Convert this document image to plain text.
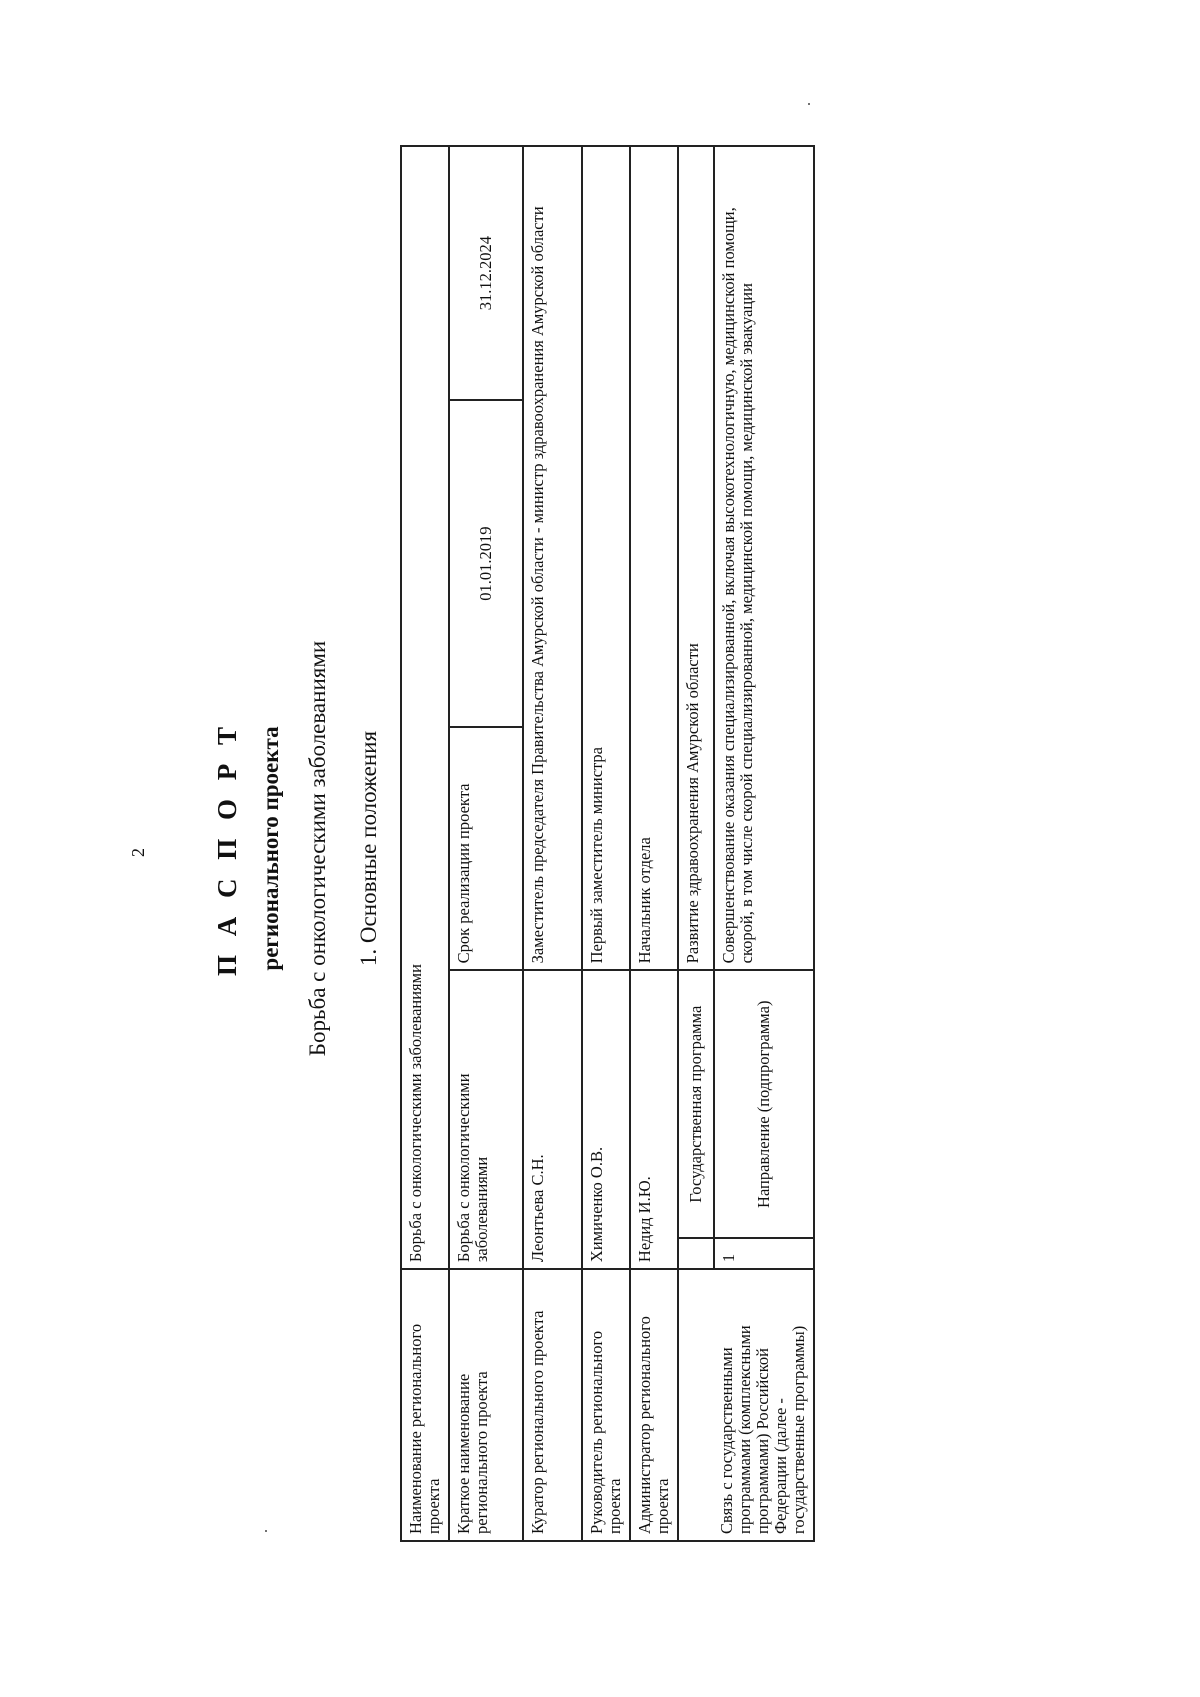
2 П А С П О Р Т регионального проекта Борьба с онкологическими заболеваниями 1. Основные положения
Наименование регионального проекта	Борьба с онкологическими заболеваниями				
Краткое наименование регионального проекта	Борьба с онкологическими заболеваниями		Срок реализации проекта	01.01.2019	31.12.2024
Куратор регионального проекта	Леонтьева С.Н.		Заместитель председателя Правительства Амурской области - министр здравоохранения Амурской области		
Руководитель регионального проекта	Химиченко О.В.		Первый заместитель министра		
Администратор регионального проекта	Недид И.Ю.		Начальник отдела		
Связь с государственными программами (комплексными программами) Российской Федерации (далее - государственные программы)		Государственная программа	Развитие здравоохранения Амурской области		
	1	Направление (подпрограмма)	Совершенствование оказания специализированной, включая высокотехнологичную, медицинской помощи, скорой, в том числе скорой специализированной, медицинской помощи, медицинской эвакуации		
